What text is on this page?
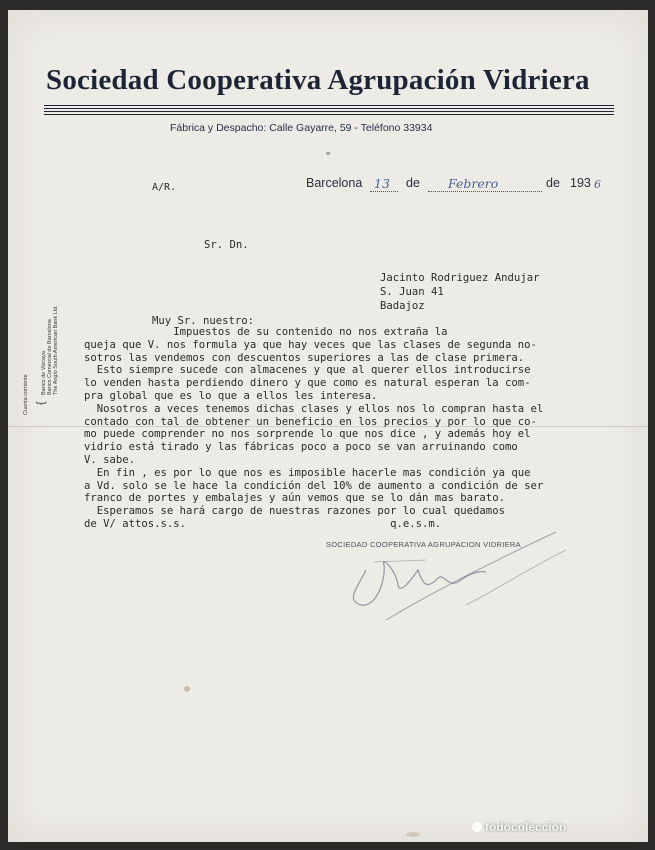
Sociedad Cooperativa Agrupación Vidriera
Fábrica y Despacho: Calle Gayarre, 59 - Teléfono 33934
≡
A/R.	Barcelona 13 de Febrero	de 193 6
Sr. Dn.
Jacinto Rodriguez Andujar
S. Juan 41
Badajoz
Muy Sr. nuestro:
Impuestos de su contenido no nos extraña la
queja que V. nos formula ya que hay veces que las clases de segunda no-
sotros las vendemos con descuentos superiores a las de clase primera.
Esto siempre sucede con almacenes y que al querer ellos introducirse
lo venden hasta perdiendo dinero y que como es natural esperan la com-
pra global que es lo que a ellos les interesa.
Nosotros a veces tenemos dichas clases y ellos nos lo compran hasta el
contado con tal de obtener un beneficio en los precios y por lo que co-
mo puede comprender no nos sorprende lo que nos dice , y además hoy el
vidrio está tirado y las fábricas poco a poco se van arruinando como
V. sabe.
En fin , es por lo que nos es imposible hacerle mas condición ya que
a Vd. solo se le hace la condición del 10% de aumento a condición de ser
franco de portes y embalajes y aún vemos que se lo dán mas barato.
Esperamos se hará cargo de nuestras razones por lo cual quedamos
de V/ attos.s.s.                                q.e.s.m.
Cuenta corriente {
Banco de Vizcaya Banco Comercial de Barcelona The Anglo South American Bank Ltd.
SOCIEDAD COOPERATIVA AGRUPACION VIDRIERA
todocoleccion
